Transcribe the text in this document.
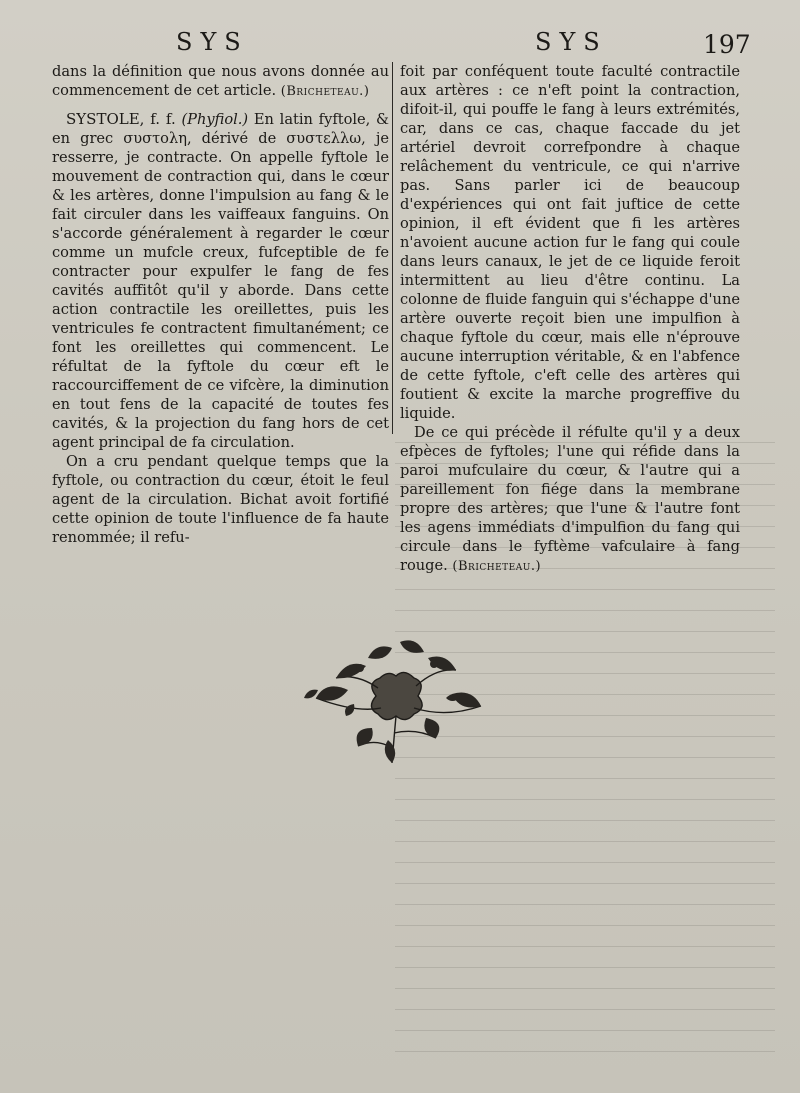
SYS	SYS	197

dans la définition que nous avons donnée au commencement de cet article. (Bricheteau.)

SYSTOLE, f. f. (Phyfiol.) En latin fyftole, & en grec συστολη, dérivé de συστελλω, je resserre, je contracte. On appelle fyftole le mouvement de contraction qui, dans le cœur & les artères, donne l'impulsion au fang & le fait circuler dans les vaiffeaux fanguins. On s'accorde généralement à regarder le cœur comme un mufcle creux, fufceptible de fe contracter pour expulfer le fang de fes cavités auffitôt qu'il y aborde. Dans cette action contractile les oreillettes, puis les ventricules fe contractent fimultanément; ce font les oreillettes qui commencent. Le réfultat de la fyftole du cœur eft le raccourciffement de ce vifcère, la diminution en tout fens de la capacité de toutes fes cavités, & la projection du fang hors de cet agent principal de fa circulation.

On a cru pendant quelque temps que la fyftole, ou contraction du cœur, étoit le feul agent de la circulation. Bichat avoit fortifié cette opinion de toute l'influence de fa haute renommée; il refu-

foit par conféquent toute faculté contractile aux artères : ce n'eft point la contraction, difoit-il, qui pouffe le fang à leurs extrémités, car, dans ce cas, chaque faccade du jet artériel devroit correfpondre à chaque relâchement du ventricule, ce qui n'arrive pas. Sans parler ici de beaucoup d'expériences qui ont fait juftice de cette opinion, il eft évident que fi les artères n'avoient aucune action fur le fang qui coule dans leurs canaux, le jet de ce liquide feroit intermittent au lieu d'être continu. La colonne de fluide fanguin qui s'échappe d'une artère ouverte reçoit bien une impulfion à chaque fyftole du cœur, mais elle n'éprouve aucune interruption véritable, & en l'abfence de cette fyftole, c'eft celle des artères qui foutient & excite la marche progreffive du liquide.

De ce qui précède il réfulte qu'il y a deux efpèces de fyftoles; l'une qui réfide dans la paroi mufculaire du cœur, & l'autre qui a pareillement fon fiége dans la membrane propre des artères; que l'une & l'autre font les agens immédiats d'impulfion du fang qui circule dans le fyftème vafculaire à fang rouge. (Bricheteau.)
